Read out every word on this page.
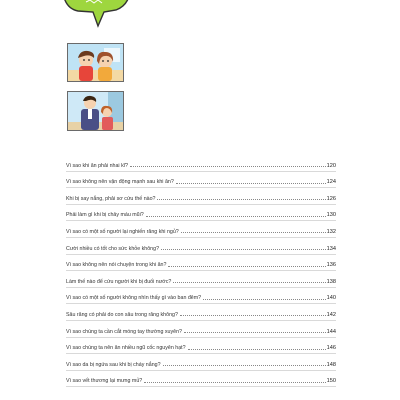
Vì sao khi ăn phải nhai kĩ?	120
Vì sao không nên vận động mạnh sau khi ăn?	124
Khi bị say nắng, phải sơ cứu thế nào?	126
Phải làm gì khi bị chảy máu mũi?	130
Vì sao có một số người lại nghiến răng khi ngủ?	132
Cười nhiều có tốt cho sức khỏe không?	134
Vì sao không nên nói chuyện trong khi ăn?	136
Làm thế nào để cứu người khi bị đuối nước?	138
Vì sao có một số người không nhìn thấy gì vào ban đêm?	140
Sâu răng có phải do con sâu trong răng không?	142
Vì sao chúng ta cần cắt móng tay thường xuyên?	144
Vì sao chúng ta nên ăn nhiều ngũ cốc nguyên hạt?	146
Vì sao da bị ngứa sau khi bị cháy nắng?	148
Vì sao vết thương lại mưng mủ?	150
